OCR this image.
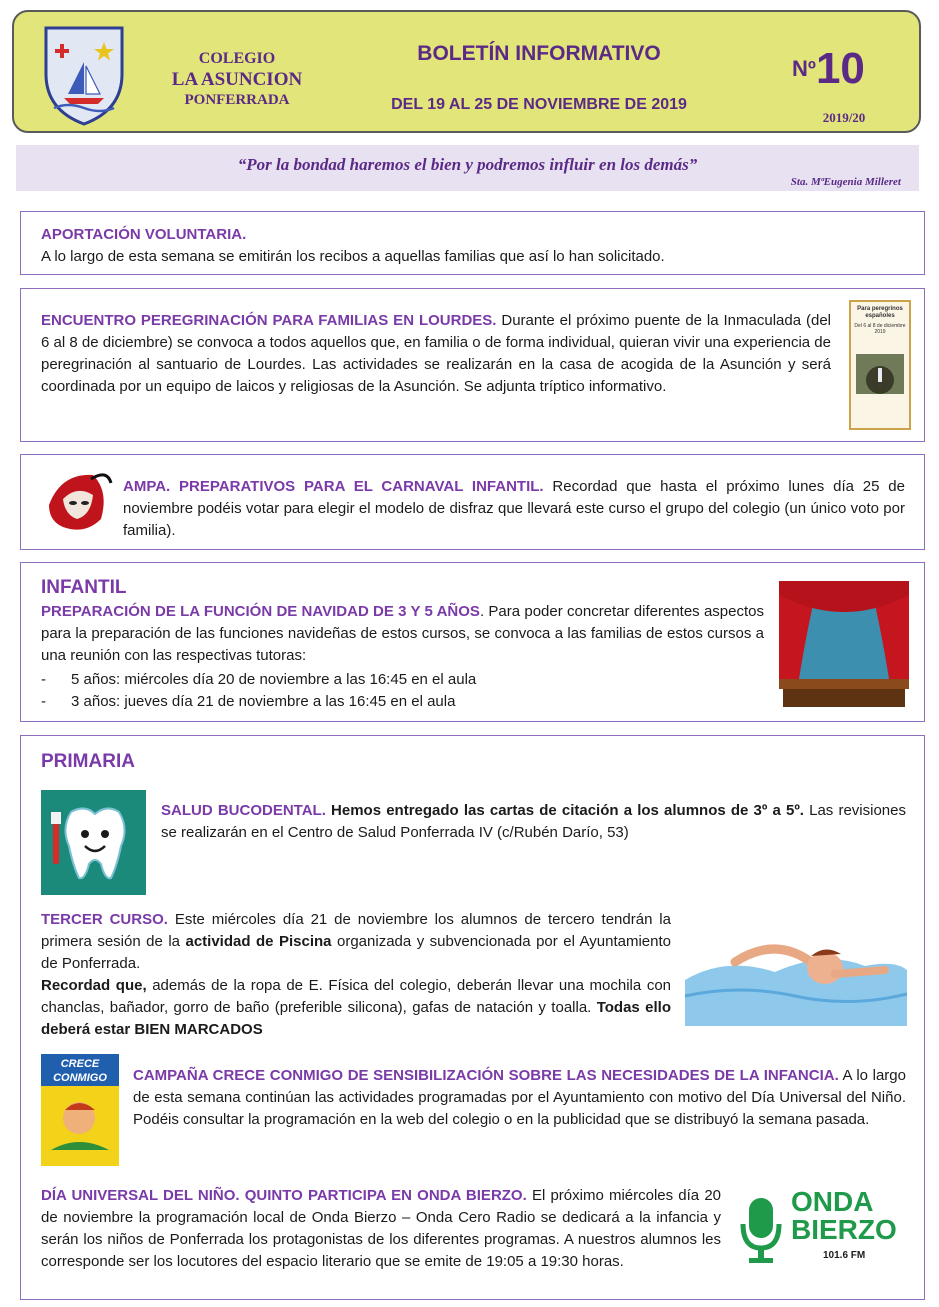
COLEGIO
LA ASUNCION
PONFERRADA
BOLETÍN INFORMATIVO
DEL 19 AL 25 DE NOVIEMBRE DE 2019
Nº10
2019/20
“Por la bondad haremos el bien y podremos influir en los demás”
Sta. MªEugenia Milleret
APORTACIÓN VOLUNTARIA.
A lo largo de esta semana se emitirán los recibos a aquellas familias que así lo han solicitado.
ENCUENTRO PEREGRINACIÓN PARA FAMILIAS EN LOURDES. Durante el próximo puente de la Inmaculada (del 6 al 8 de diciembre) se convoca a todos aquellos que, en familia o de forma individual, quieran vivir una experiencia de peregrinación al santuario de Lourdes. Las actividades se realizarán en la casa de acogida de la Asunción y será coordinada por un equipo de laicos y religiosas de la Asunción. Se adjunta tríptico informativo.
Para peregrinos españoles
Del 6 al 8 de diciembre 2019
AMPA. PREPARATIVOS PARA EL CARNAVAL INFANTIL. Recordad que hasta el próximo lunes día 25 de noviembre podéis votar para elegir el modelo de disfraz que llevará este curso el grupo del colegio (un único voto por familia).
INFANTIL
PREPARACIÓN DE LA FUNCIÓN DE NAVIDAD DE 3 Y 5 AÑOS. Para poder concretar diferentes aspectos para la preparación de las funciones navideñas de estos cursos, se convoca a las familias de estos cursos a una reunión con las respectivas tutoras:
- 5 años: miércoles día 20 de noviembre a las 16:45 en el aula
- 3 años: jueves día 21 de noviembre a las 16:45 en el aula
PRIMARIA
SALUD BUCODENTAL. Hemos entregado las cartas de citación a los alumnos de 3º a 5º. Las revisiones se realizarán en el Centro de Salud Ponferrada IV (c/Rubén Darío, 53)
TERCER CURSO. Este miércoles día 21 de noviembre los alumnos de tercero tendrán la primera sesión de la actividad de Piscina organizada y subvencionada por el Ayuntamiento de Ponferrada.
Recordad que, además de la ropa de E. Física del colegio, deberán llevar una mochila con chanclas, bañador, gorro de baño (preferible silicona), gafas de natación y toalla. Todas ello deberá estar BIEN MARCADOS
CRECE
CONMIGO CAMPAÑA CRECE CONMIGO DE SENSIBILIZACIÓN SOBRE LAS NECESIDADES DE LA INFANCIA. A lo largo de esta semana continúan las actividades programadas por el Ayuntamiento con motivo del Día Universal del Niño. Podéis consultar la programación en la web del colegio o en la publicidad que se distribuyó la semana pasada.
DÍA UNIVERSAL DEL NIÑO. QUINTO PARTICIPA EN ONDA BIERZO. El próximo miércoles día 20 de noviembre la programación local de Onda Bierzo – Onda Cero Radio se dedicará a la infancia y serán los niños de Ponferrada los protagonistas de los diferentes programas. A nuestros alumnos les corresponde ser los locutores del espacio literario que se emite de 19:05 a 19:30 horas.
ONDA
BIERZO
101.6 FM
